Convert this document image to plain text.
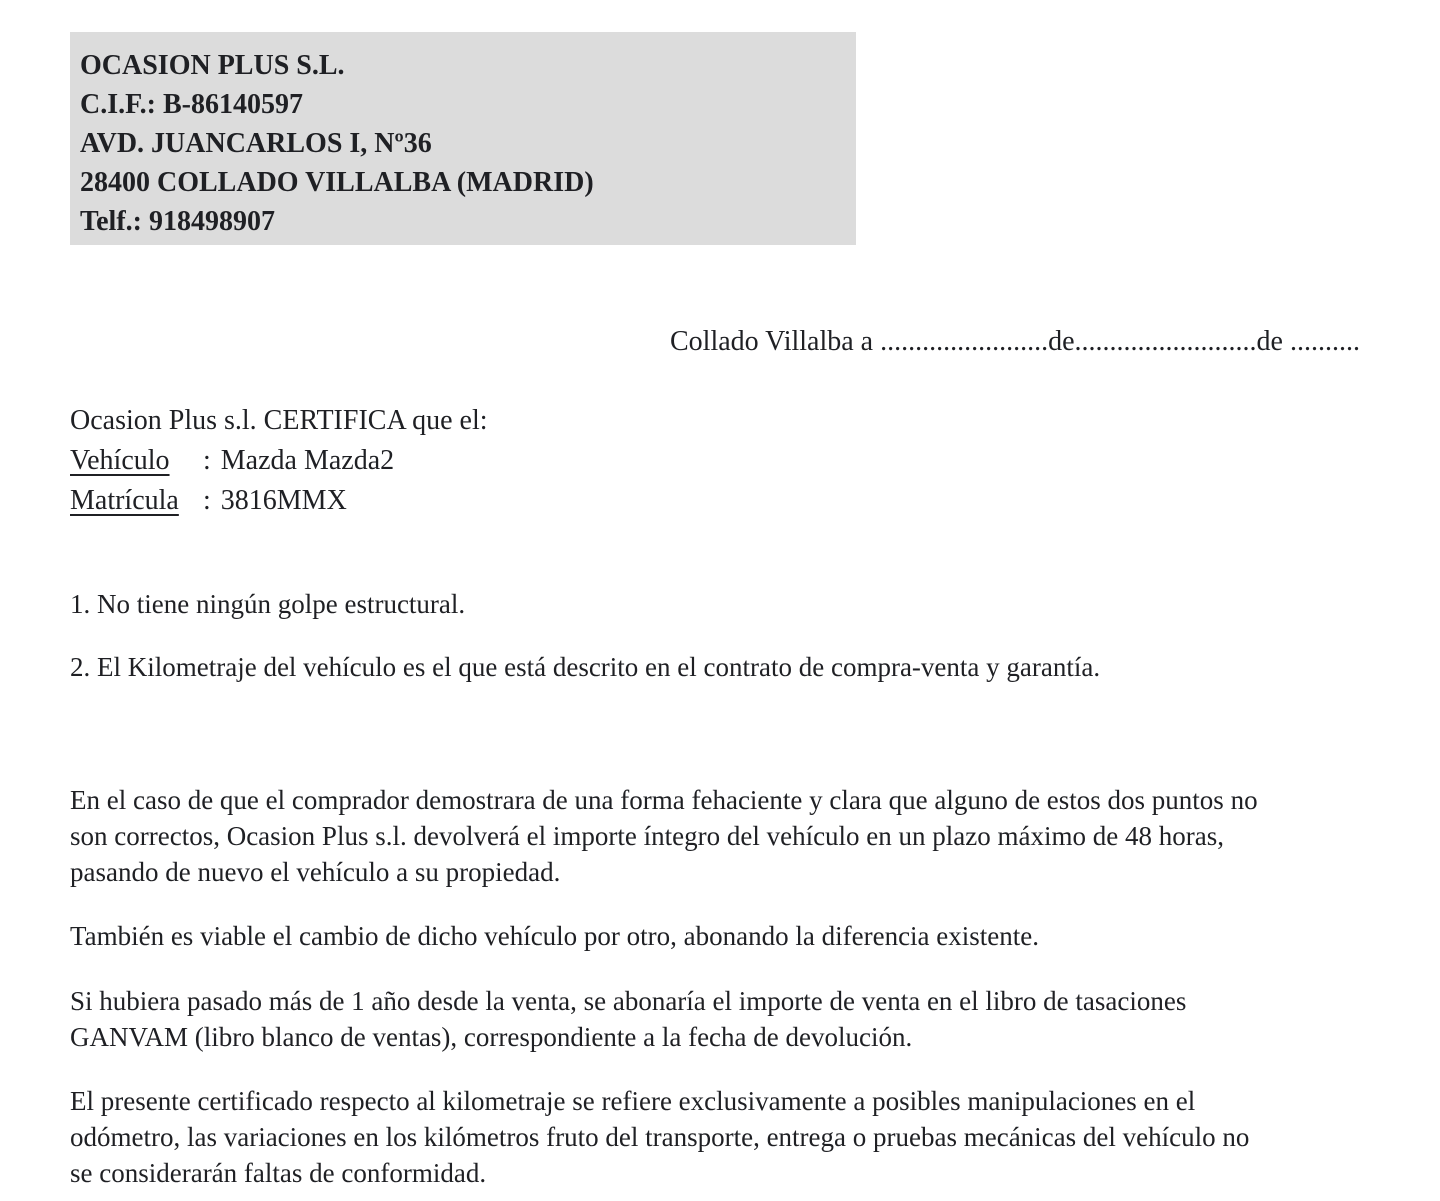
OCASION PLUS S.L.
C.I.F.: B-86140597
AVD. JUANCARLOS I, Nº36
28400 COLLADO VILLALBA (MADRID)
Telf.: 918498907
Collado Villalba a ........................de..........................de ..........
Ocasion Plus s.l. CERTIFICA que el:
Vehículo : Mazda Mazda2
Matrícula : 3816MMX
1. No tiene ningún golpe estructural.
2. El Kilometraje del vehículo es el que está descrito en el contrato de compra-venta y garantía.
En el caso de que el comprador demostrara de una forma fehaciente y clara que alguno de estos dos puntos no
son correctos, Ocasion Plus s.l. devolverá el importe íntegro del vehículo en un plazo máximo de 48 horas,
pasando de nuevo el vehículo a su propiedad.
También es viable el cambio de dicho vehículo por otro, abonando la diferencia existente.
Si hubiera pasado más de 1 año desde la venta, se abonaría el importe de venta en el libro de tasaciones
GANVAM (libro blanco de ventas), correspondiente a la fecha de devolución.
El presente certificado respecto al kilometraje se refiere exclusivamente a posibles manipulaciones en el
odómetro, las variaciones en los kilómetros fruto del transporte, entrega o pruebas mecánicas del vehículo no
se considerarán faltas de conformidad.
